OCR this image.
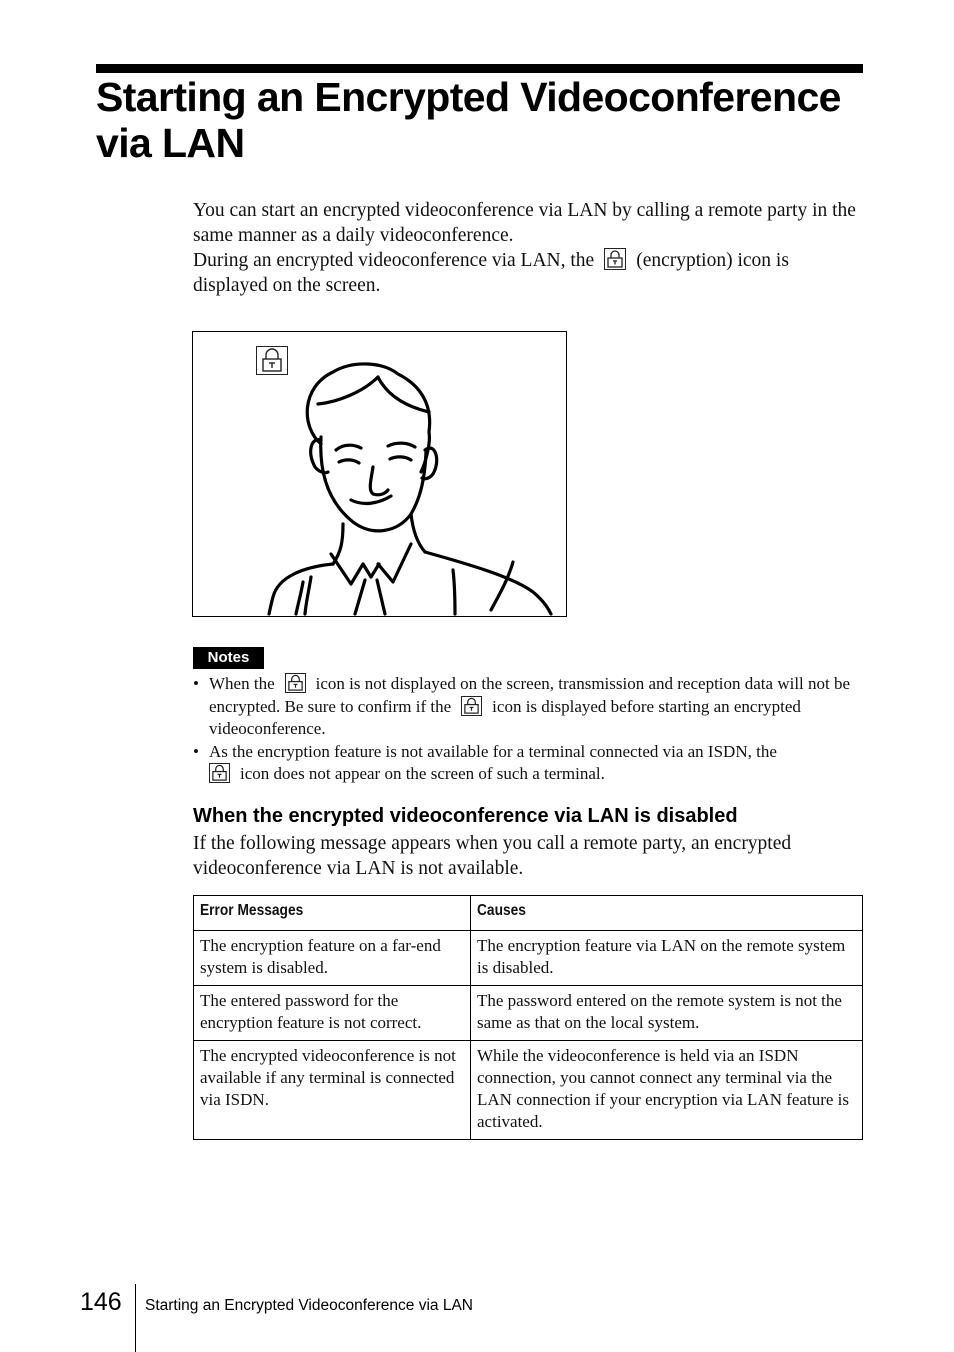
Starting an Encrypted Videoconference via LAN
You can start an encrypted videoconference via LAN by calling a remote party in the same manner as a daily videoconference.
During an encrypted videoconference via LAN, the (encryption) icon is displayed on the screen.
Notes
• When the icon is not displayed on the screen, transmission and reception data will not be encrypted. Be sure to confirm if the icon is displayed before starting an encrypted videoconference.
• As the encryption feature is not available for a terminal connected via an ISDN, the

icon does not appear on the screen of such a terminal.
When the encrypted videoconference via LAN is disabled

If the following message appears when you call a remote party, an encrypted videoconference via LAN is not available.

Error Messages	Causes
The encryption feature on a far-end system is disabled.	The encryption feature via LAN on the remote system is disabled.
The entered password for the encryption feature is not correct.	The password entered on the remote system is not the same as that on the local system.
The encrypted videoconference is not available if any terminal is connected via ISDN.	While the videoconference is held via an ISDN connection, you cannot connect any terminal via the LAN connection if your encryption via LAN feature is activated.
146 Starting an Encrypted Videoconference via LAN
